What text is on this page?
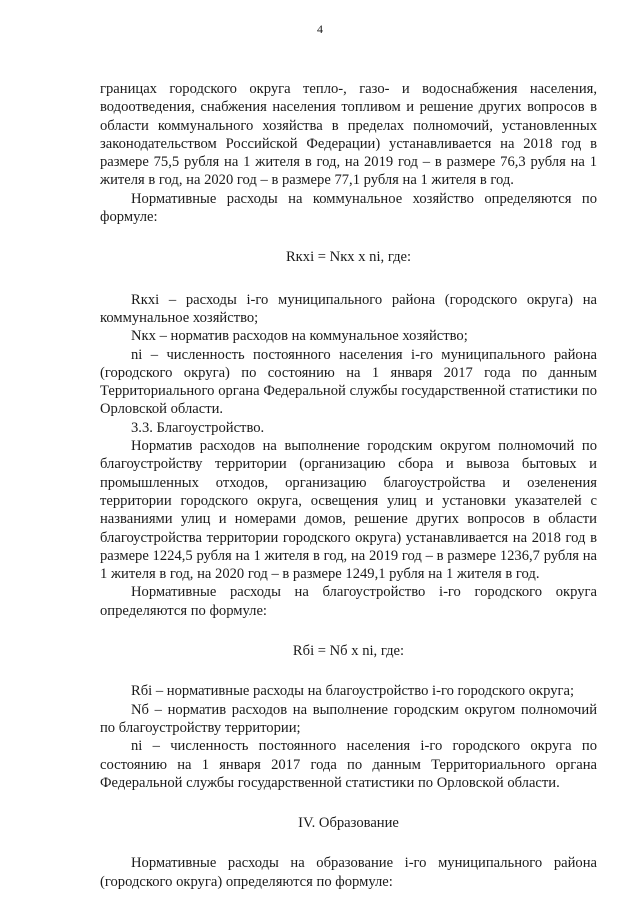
4

границах городского округа тепло-, газо- и водоснабжения населения, водоотведения, снабжения населения топливом и решение других вопросов в области коммунального хозяйства в пределах полномочий, установленных законодательством Российской Федерации) устанавливается на 2018 год в размере 75,5 рубля на 1 жителя в год, на 2019 год – в размере 76,3 рубля на 1 жителя в год, на 2020 год – в размере 77,1 рубля на 1 жителя в год.

Нормативные расходы на коммунальное хозяйство определяются по формуле:

Rкxi = Nкх х ni, где:

Rкxi – расходы i-го муниципального района (городского округа) на коммунальное хозяйство;

Nкх – норматив расходов на коммунальное хозяйство;

ni – численность постоянного населения i-го муниципального района (городского округа) по состоянию на 1 января 2017 года по данным Территориального органа Федеральной службы государственной статистики по Орловской области.

3.3. Благоустройство.

Норматив расходов на выполнение городским округом полномочий по благоустройству территории (организацию сбора и вывоза бытовых и промышленных отходов, организацию благоустройства и озеленения территории городского округа, освещения улиц и установки указателей с названиями улиц и номерами домов, решение других вопросов в области благоустройства территории городского округа) устанавливается на 2018 год в размере 1224,5 рубля на 1 жителя в год, на 2019 год – в размере 1236,7 рубля на 1 жителя в год, на 2020 год – в размере 1249,1 рубля на 1 жителя в год.

Нормативные расходы на благоустройство i-го городского округа определяются по формуле:

Rбi = Nб х ni, где:

Rбi – нормативные расходы на благоустройство i-го городского округа;

Nб – норматив расходов на выполнение городским округом полномочий по благоустройству территории;

ni – численность постоянного населения i-го городского округа по состоянию на 1 января 2017 года по данным Территориального органа Федеральной службы государственной статистики по Орловской области.

IV. Образование

Нормативные расходы на образование i-го муниципального района (городского округа) определяются по формуле:
